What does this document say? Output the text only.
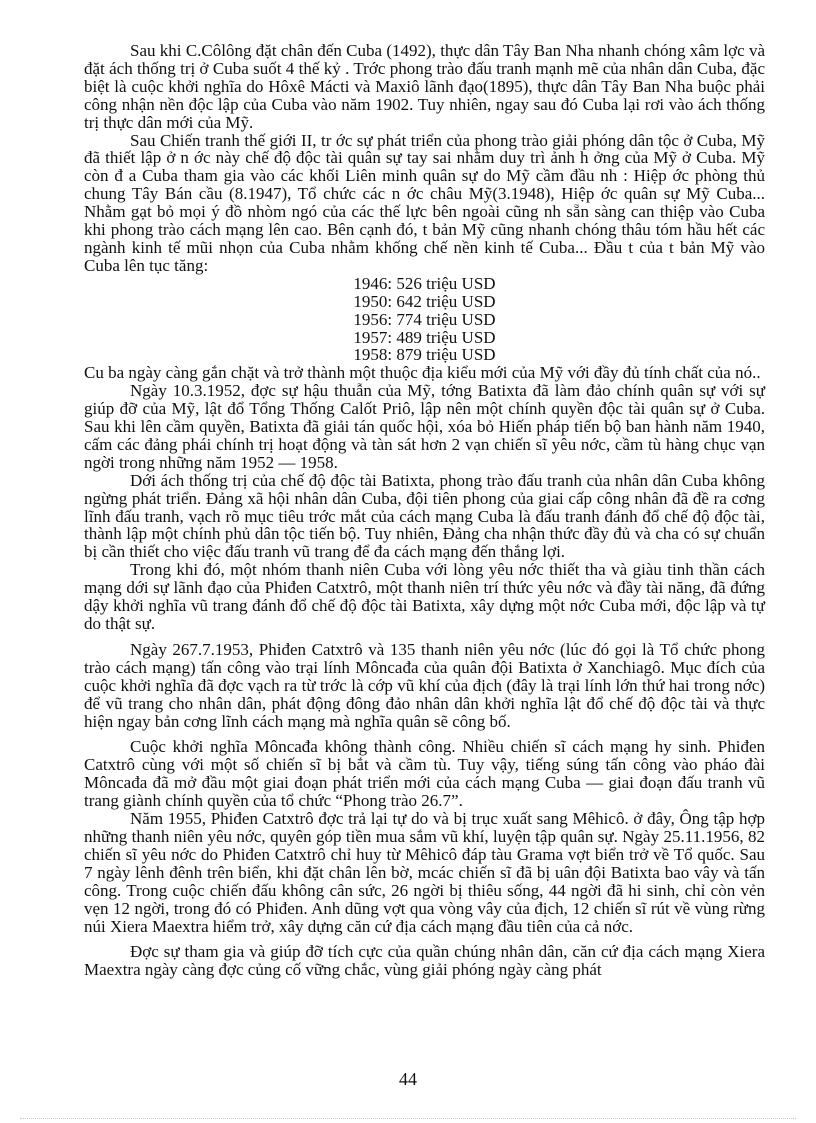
Sau khi C.Côlông đặt chân đến Cuba (1492), thực dân Tây Ban Nha nhanh chóng xâm lợc và đặt ách thống trị ở Cuba suốt 4 thế kỷ . Trớc phong trào đấu tranh mạnh mẽ của nhân dân Cuba, đặc biệt là cuộc khởi nghĩa do Hôxê Mácti và Maxiô lãnh đạo(1895), thực dân Tây Ban Nha buộc phải công nhận nền độc lập của Cuba vào năm 1902. Tuy nhiên, ngay sau đó Cuba lại rơi vào ách thống trị thực dân mới của Mỹ.

Sau Chiến tranh thế giới II, tr ớc sự phát triển của phong trào giải phóng dân tộc ở Cuba, Mỹ đã thiết lập ở n ớc này chế độ độc tài quân sự tay sai nhằm duy trì ảnh h ởng của Mỹ ở Cuba. Mỹ còn đ a Cuba tham gia vào các khối Liên minh quân sự do Mỹ cầm đầu nh : Hiệp ớc phòng thủ chung Tây Bán cầu (8.1947), Tổ chức các n ớc châu Mỹ(3.1948), Hiệp ớc quân sự Mỹ Cuba... Nhằm gạt bỏ mọi ý đồ nhòm ngó của các thế lực bên ngoài cũng nh sẵn sàng can thiệp vào Cuba khi phong trào cách mạng lên cao. Bên cạnh đó, t bản Mỹ cũng nhanh chóng thâu tóm hầu hết các ngành kinh tế mũi nhọn của Cuba nhằm khống chế nền kinh tế Cuba... Đầu t của t bản Mỹ vào Cuba lên tục tăng:

1946: 526 triệu USD
1950: 642 triệu USD
1956: 774 triệu USD
1957: 489 triệu USD
1958: 879 triệu USD

Cu ba ngày càng gắn chặt và trở thành một thuộc địa kiểu mới của Mỹ với đầy đủ tính chất của nó..

Ngày 10.3.1952, đợc sự hậu thuẫn của Mỹ, tớng Batixta đã làm đảo chính quân sự với sự giúp đỡ của Mỹ, lật đổ Tổng Thống Calốt Priô, lập nên một chính quyền độc tài quân sự ở Cuba. Sau khi lên cầm quyền, Batixta đã giải tán quốc hội, xóa bỏ Hiến pháp tiến bộ ban hành năm 1940, cấm các đảng phái chính trị hoạt động và tàn sát hơn 2 vạn chiến sĩ yêu nớc, cầm tù hàng chục vạn ngời trong những năm 1952 — 1958.

Dới ách thống trị của chế độ độc tài Batixta, phong trào đấu tranh của nhân dân Cuba không ngừng phát triển. Đảng xã hội nhân dân Cuba, đội tiên phong của giai cấp công nhân đã đề ra cơng lĩnh đấu tranh, vạch rõ mục tiêu trớc mắt của cách mạng Cuba là đấu tranh đánh đổ chế độ độc tài, thành lập một chính phủ dân tộc tiến bộ. Tuy nhiên, Đảng cha nhận thức đầy đủ và cha có sự chuẩn bị cần thiết cho việc đấu tranh vũ trang để đa cách mạng đến thắng lợi.

Trong khi đó, một nhóm thanh niên Cuba với lòng yêu nớc thiết tha và giàu tinh thần cách mạng dới sự lãnh đạo của Phiđen Catxtrô, một thanh niên trí thức yêu nớc và đầy tài năng, đã đứng dậy khởi nghĩa vũ trang đánh đổ chế độ độc tài Batixta, xây dựng một nớc Cuba mới, độc lập và tự do thật sự.

Ngày 267.7.1953, Phiđen Catxtrô và 135 thanh niên yêu nớc (lúc đó gọi là Tổ chức phong trào cách mạng) tấn công vào trại lính Môncađa của quân đội Batixta ở Xanchiagô. Mục đích của cuộc khởi nghĩa đã đợc vạch ra từ trớc là cớp vũ khí của địch (đây là trại lính lớn thứ hai trong nớc) để vũ trang cho nhân dân, phát động đông đảo nhân dân khởi nghĩa lật đổ chế độ độc tài và thực hiện ngay bản cơng lĩnh cách mạng mà nghĩa quân sẽ công bố.

Cuộc khởi nghĩa Môncađa không thành công. Nhiều chiến sĩ cách mạng hy sinh. Phiđen Catxtrô cùng với một số chiến sĩ bị bắt và cầm tù. Tuy vậy, tiếng súng tấn công vào pháo đài Môncađa đã mở đầu một giai đoạn phát triển mới của cách mạng Cuba — giai đoạn đấu tranh vũ trang giành chính quyền của tổ chức “Phong trào 26.7”.

Năm 1955, Phiđen Catxtrô đợc trả lại tự do và bị trục xuất sang Mêhicô. ở đây, Ông tập hợp những thanh niên yêu nớc, quyên góp tiền mua sắm vũ khí, luyện tập quân sự. Ngày 25.11.1956, 82 chiến sĩ yêu nớc do Phiđen Catxtrô chỉ huy từ Mêhicô đáp tàu Grama vợt biển trở về Tổ quốc. Sau 7 ngày lênh đênh trên biển, khi đặt chân lên bờ, mcác chiến sĩ đã bị uân đội Batixta bao vây và tấn công. Trong cuộc chiến đấu không cân sức, 26 ngời bị thiêu sống, 44 ngời đã hi sinh, chỉ còn vẻn vẹn 12 ngời, trong đó có Phiđen. Anh dũng vợt qua vòng vây của địch, 12 chiến sĩ rút về vùng rừng núi Xiera Maextra hiểm trở, xây dựng căn cứ địa cách mạng đầu tiên của cả nớc.

Đợc sự tham gia và giúp đỡ tích cực của quần chúng nhân dân, căn cứ địa cách mạng Xiera Maextra ngày càng đợc củng cố vững chắc, vùng giải phóng ngày càng phát

44
